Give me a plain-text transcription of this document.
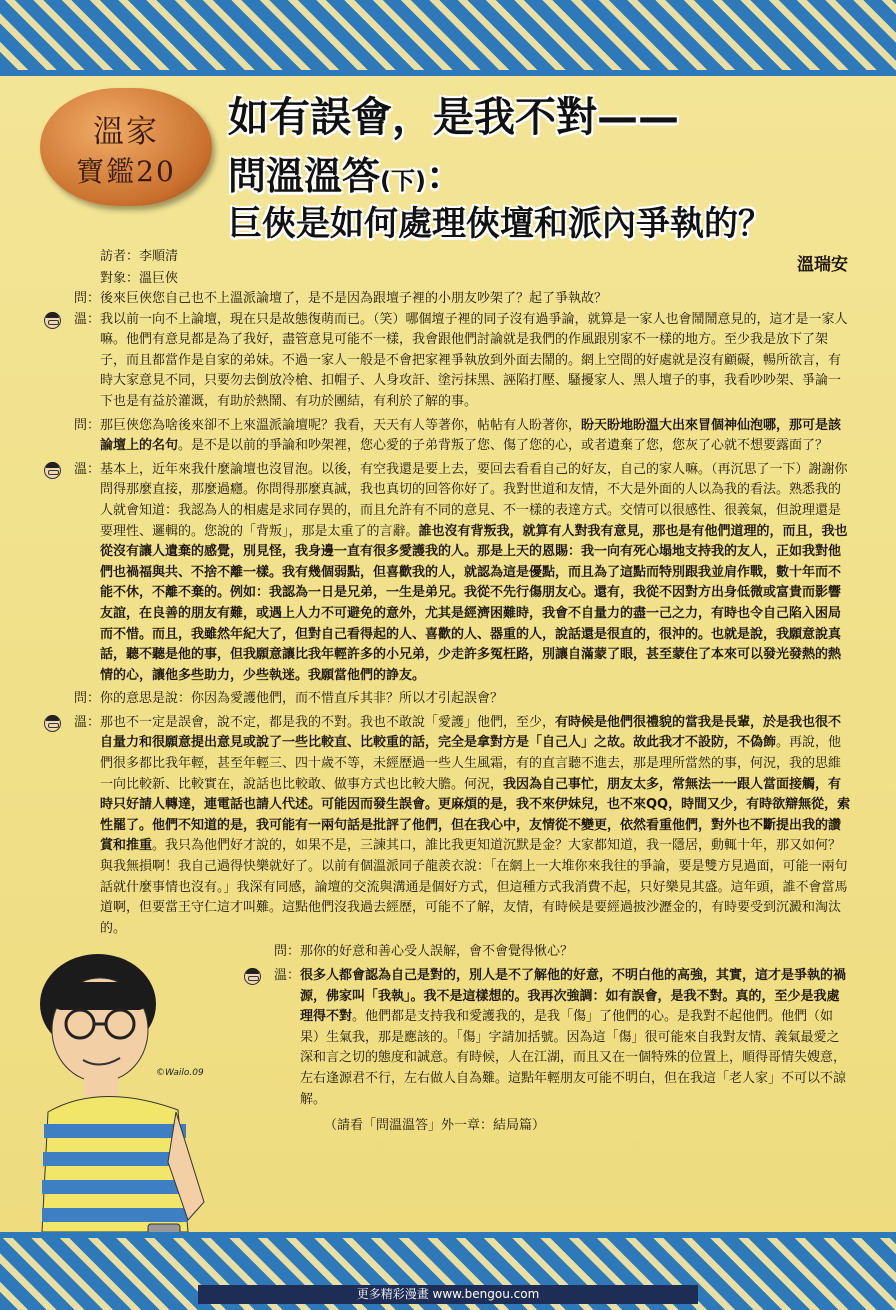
溫家
寶鑑20
如有誤會，是我不對——
問溫溫答(下)：
巨俠是如何處理俠壇和派內爭執的？
訪者：李順清
對象：溫巨俠
溫瑞安
問： 後來巨俠您自己也不上溫派論壇了，是不是因為跟壇子裡的小朋友吵架了？起了爭執故？
溫： 我以前一向不上論壇，現在只是故態復萌而已。（笑）哪個壇子裡的同子沒有過爭論，就算是一家人也會鬧鬧意見的，這才是一家人嘛。他們有意見都是為了我好，盡管意見可能不一樣，我會跟他們討論就是我們的作風跟別家不一樣的地方。至少我是放下了架子，而且都當作是自家的弟妹。不過一家人一般是不會把家裡爭執放到外面去鬧的。網上空間的好處就是沒有顧礙，暢所欲言，有時大家意見不同，只要勿去倒放冷槍、扣帽子、人身攻訐、塗污抹黑、誣陷打壓、騷擾家人、黑人壇子的事，我看吵吵架、爭論一下也是有益於灌溉，有助於熱鬧、有功於團結，有利於了解的事。
問： 那巨俠您為啥後來卻不上來溫派論壇呢？我看，天天有人等著你，帖帖有人盼著你，盼天盼地盼溫大出來冒個神仙泡哪，那可是該論壇上的名句。是不是以前的爭論和吵架裡，您心愛的子弟背叛了您、傷了您的心，或者遺棄了您，您灰了心就不想要露面了？
溫： 基本上，近年來我什麼論壇也沒冒泡。以後，有空我還是要上去，要回去看看自己的好友，自己的家人嘛。（再沉思了一下）謝謝你問得那麼直接，那麼過癮。你問得那麼真誠，我也真切的回答你好了。我對世道和友情，不大是外面的人以為我的看法。熟悉我的人就會知道：我認為人的相處是求同存異的，而且允許有不同的意見、不一樣的表達方式。交情可以很感性、很義氣，但說理還是要理性、邏輯的。您說的「背叛」，那是太重了的言辭。誰也沒有背叛我，就算有人對我有意見，那也是有他們道理的，而且，我也從沒有讓人遺棄的感覺，別見怪，我身邊一直有很多愛護我的人。那是上天的恩賜：我一向有死心塌地支持我的友人，正如我對他們也禍福與共、不捨不離一樣。我有幾個弱點，但喜歡我的人，就認為這是優點，而且為了這點而特別跟我並肩作戰，數十年而不能不休，不離不棄的。例如：我認為一日是兄弟，一生是弟兄。我從不先行傷朋友心。還有，我從不因對方出身低微或富貴而影響友誼，在良善的朋友有難，或遇上人力不可避免的意外，尤其是經濟困難時，我會不自量力的盡一己之力，有時也令自己陷入困局而不惜。而且，我雖然年紀大了，但對自己看得起的人、喜歡的人、器重的人，說話還是很直的，很沖的。也就是說，我願意說真話，聽不聽是他的事，但我願意讓比我年輕許多的小兄弟，少走許多冤枉路，別讓自滿蒙了眼，甚至蒙住了本來可以發光發熱的熱情的心，讓他多些助力，少些執迷。我願當他們的諍友。
問： 你的意思是說：你因為愛護他們，而不惜直斥其非？所以才引起誤會？
溫： 那也不一定是誤會，說不定，都是我的不對。我也不敢說「愛護」他們，至少，有時候是他們很禮貌的當我是長輩，於是我也很不自量力和很願意提出意見或說了一些比較直、比較重的話，完全是拿對方是「自己人」之故。故此我才不設防，不偽飾。再說，他們很多都比我年輕，甚至年輕三、四十歲不等，未經歷過一些人生風霜，有的直言聽不進去，那是理所當然的事，何況，我的思維一向比較新、比較實在，說話也比較敢、做事方式也比較大膽。何況，我因為自己事忙，朋友太多，常無法一一跟人當面接觸，有時只好請人轉達，連電話也請人代述。可能因而發生誤會。更麻煩的是，我不來伊妹兒，也不來QQ，時間又少，有時欲辯無從，索性罷了。他們不知道的是，我可能有一兩句話是批評了他們，但在我心中，友情從不變更，依然看重他們，對外也不斷提出我的讚賞和推重。我只為他們好才說的，如果不是，三諫其口，誰比我更知道沉默是金？大家都知道，我一隱居，動輒十年，那又如何？與我無損啊！我自己過得快樂就好了。以前有個溫派同子龍羨衣說：「在網上一大堆你來我往的爭論，要是雙方見過面，可能一兩句話就什麼事情也沒有。」我深有同感，論壇的交流與溝通是個好方式，但這種方式我消費不起，只好樂見其盛。這年頭，誰不會當馬道啊，但要當王守仁這才叫難。這點他們沒我過去經歷，可能不了解，友情，有時候是要經過披沙瀝金的，有時要受到沉澱和淘汰的。
問： 那你的好意和善心受人誤解，會不會覺得愀心？
溫： 很多人都會認為自己是對的，別人是不了解他的好意，不明白他的高強，其實，這才是爭執的禍源，佛家叫「我執」。我不是這樣想的。我再次強調：如有誤會，是我不對。真的，至少是我處理得不對。他們都是支持我和愛護我的，是我「傷」了他們的心。是我對不起他們。他們（如果）生氣我，那是應該的。「傷」字請加括號。因為這「傷」很可能來自我對友情、義氣最愛之深和言之切的態度和誠意。有時候，人在江湖，而且又在一個特殊的位置上，順得哥情失嫂意，左右逢源君不行，左右做人自為難。這點年輕朋友可能不明白，但在我這「老人家」不可以不諒解。
（請看「問溫溫答」外一章：結局篇）
©Wailo.09
更多精彩漫畫 www.bengou.com
